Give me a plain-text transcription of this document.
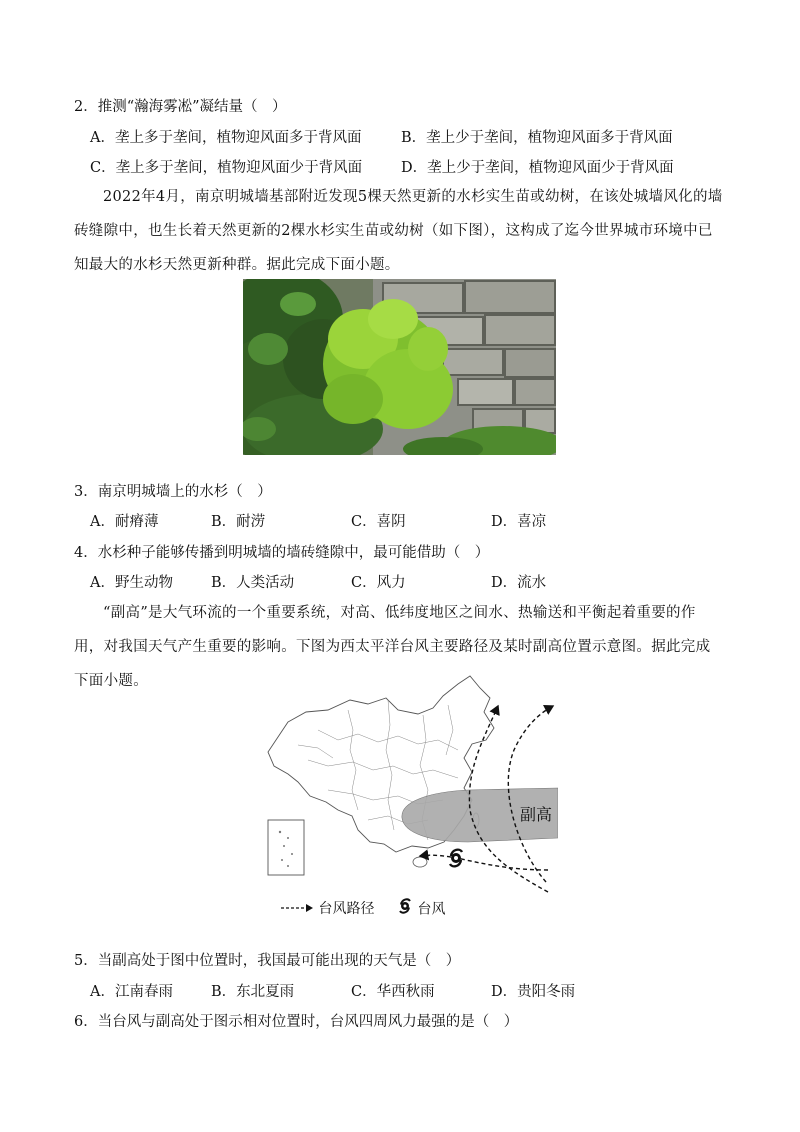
2．推测“瀚海雾凇”凝结量（　）
A．垄上多于垄间，植物迎风面多于背风面	B．垄上少于垄间，植物迎风面多于背风面
C．垄上多于垄间，植物迎风面少于背风面	D．垄上少于垄间，植物迎风面少于背风面
2022年4月，南京明城墙基部附近发现5棵天然更新的水杉实生苗或幼树，在该处城墙风化的墙砖缝隙中，也生长着天然更新的2棵水杉实生苗或幼树（如下图），这构成了迄今世界城市环境中已知最大的水杉天然更新种群。据此完成下面小题。
3．南京明城墙上的水杉（　）
A．耐瘠薄	B．耐涝	C．喜阴	D．喜凉
4．水杉种子能够传播到明城墙的墙砖缝隙中，最可能借助（　）
A．野生动物	B．人类活动	C．风力	D．流水
“副高”是大气环流的一个重要系统，对高、低纬度地区之间水、热输送和平衡起着重要的作用，对我国天气产生重要的影响。下图为西太平洋台风主要路径及某时副高位置示意图。据此完成下面小题。
副高
台风路径	台风
5．当副高处于图中位置时，我国最可能出现的天气是（　）
A．江南春雨	B．东北夏雨	C．华西秋雨	D．贵阳冬雨
6．当台风与副高处于图示相对位置时，台风四周风力最强的是（　）
